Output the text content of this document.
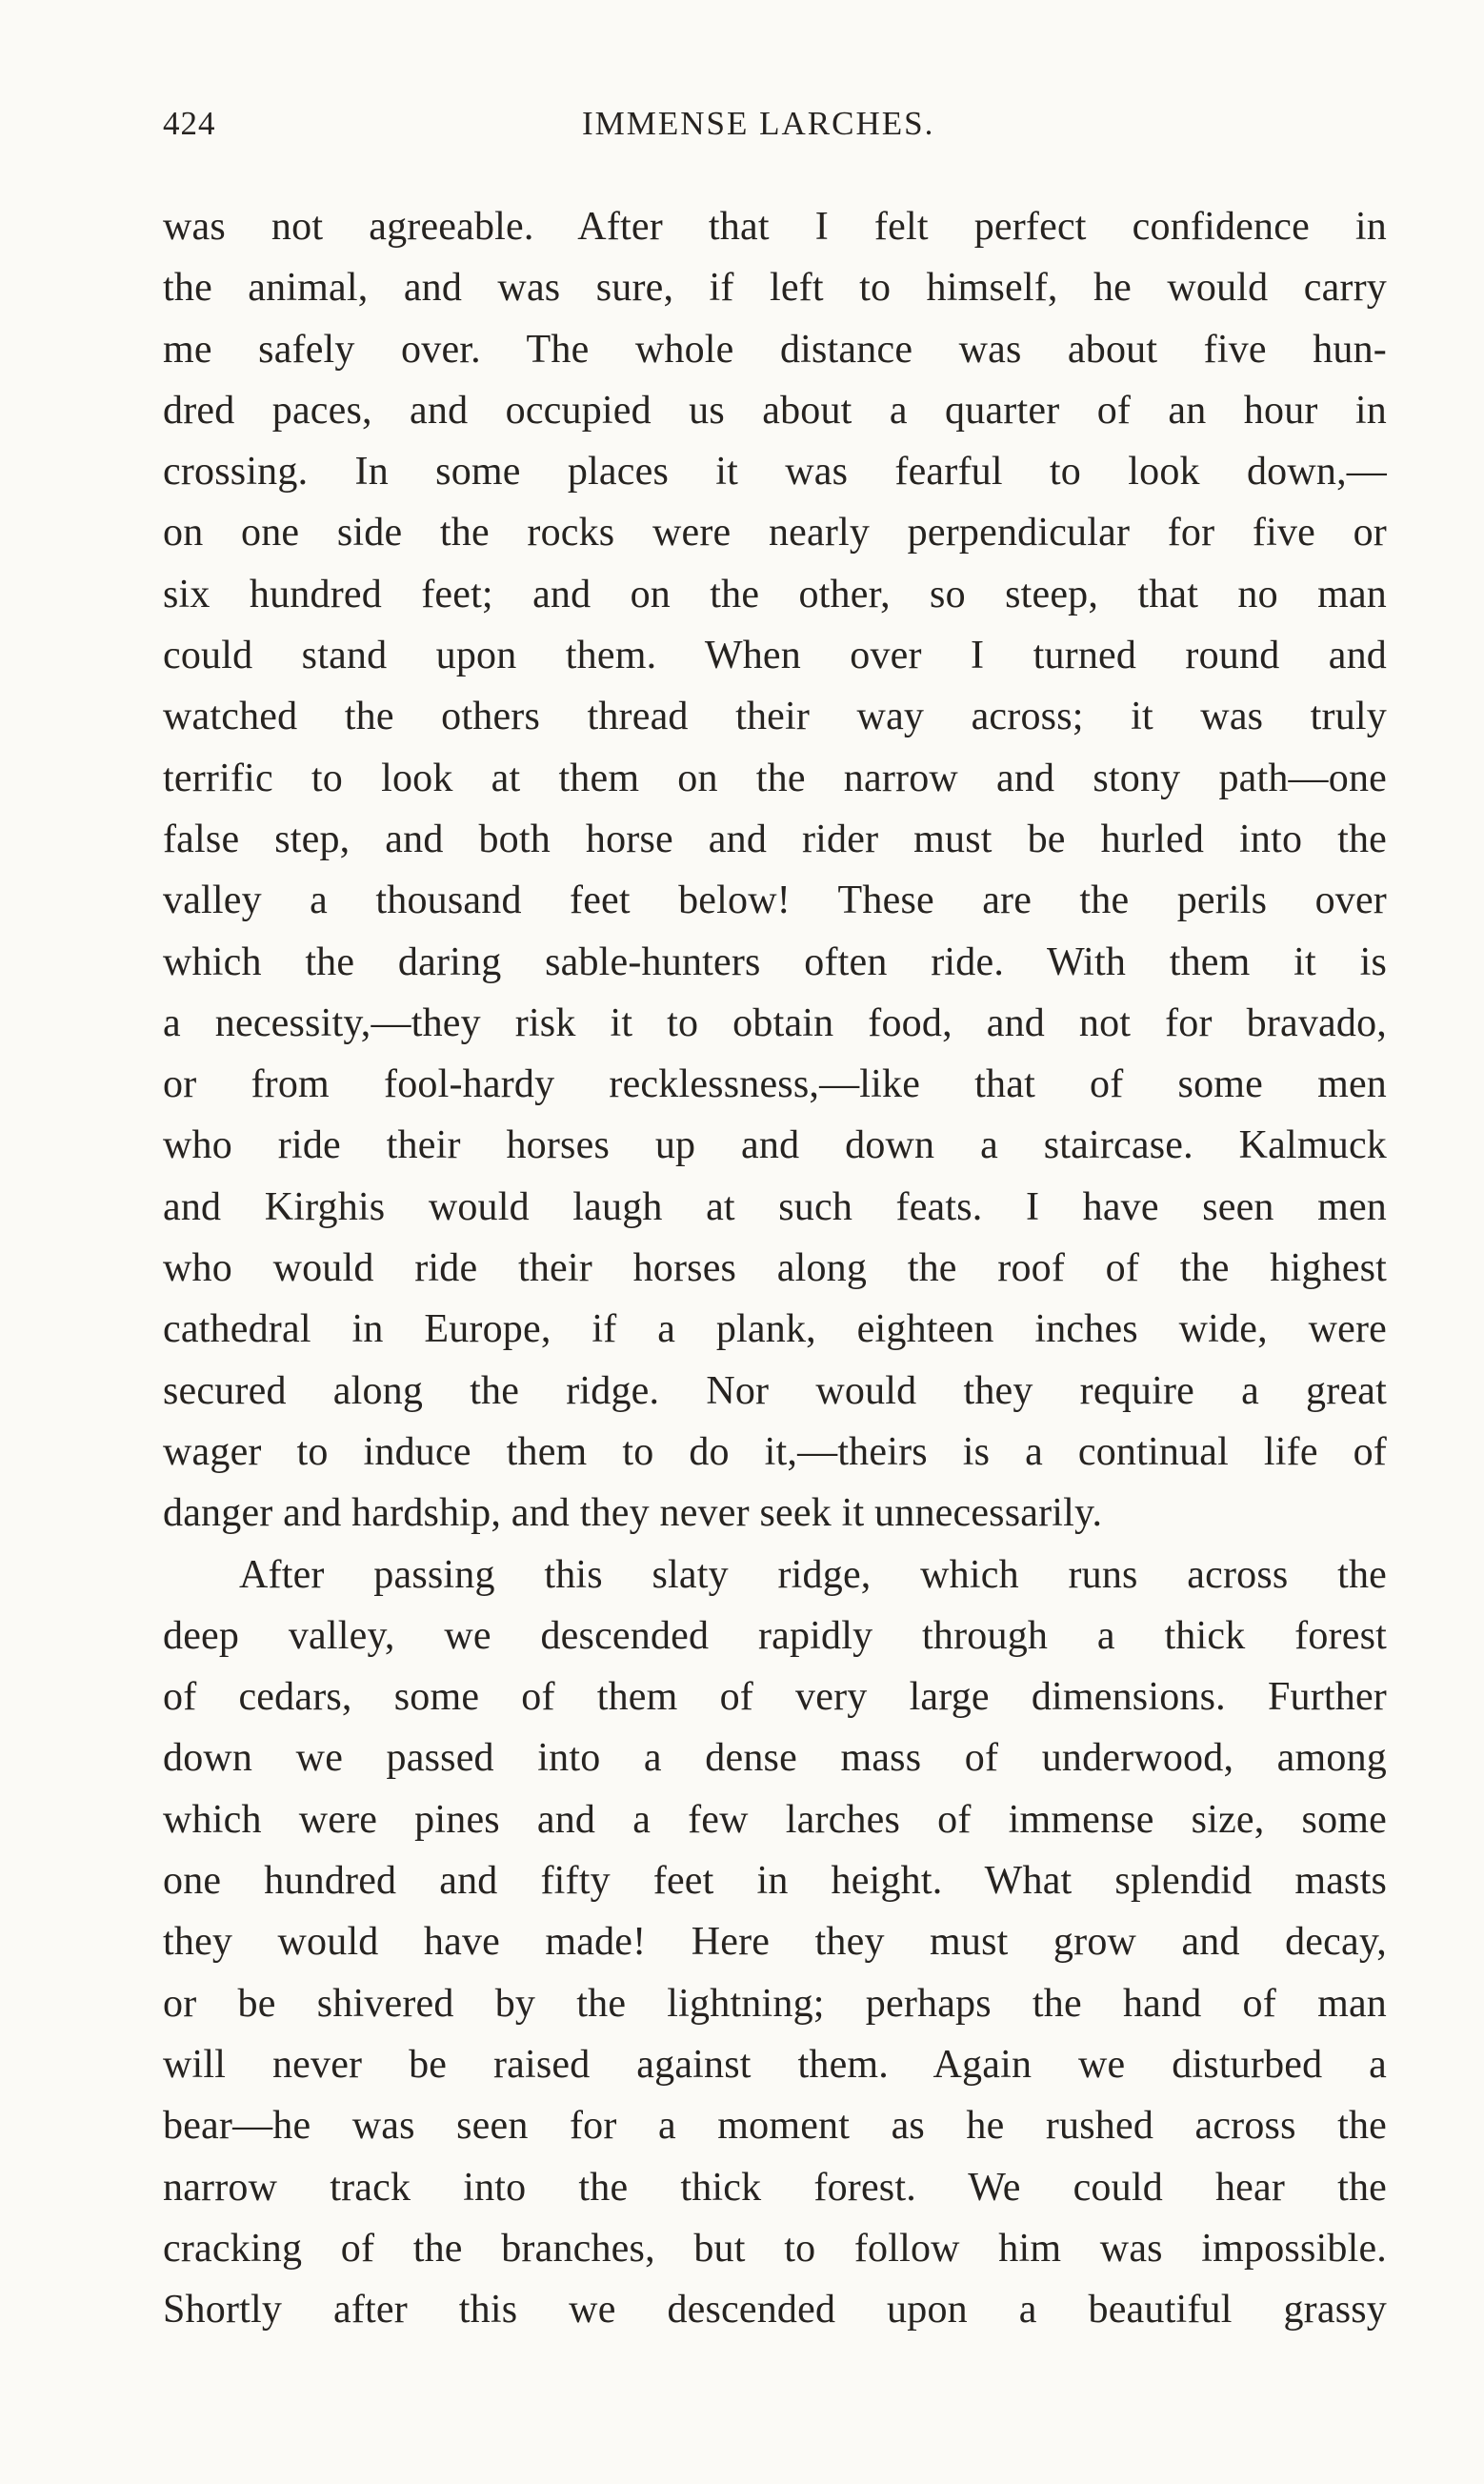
424	IMMENSE LARCHES.
was not agreeable. After that I felt perfect confidence in
the animal, and was sure, if left to himself, he would carry
me safely over. The whole distance was about five hun-
dred paces, and occupied us about a quarter of an hour in
crossing. In some places it was fearful to look down,—
on one side the rocks were nearly perpendicular for five or
six hundred feet; and on the other, so steep, that no man
could stand upon them. When over I turned round and
watched the others thread their way across; it was truly
terrific to look at them on the narrow and stony path—one
false step, and both horse and rider must be hurled into the
valley a thousand feet below! These are the perils over
which the daring sable-hunters often ride. With them it is
a necessity,—they risk it to obtain food, and not for bravado,
or from fool-hardy recklessness,—like that of some men
who ride their horses up and down a staircase. Kalmuck
and Kirghis would laugh at such feats. I have seen men
who would ride their horses along the roof of the highest
cathedral in Europe, if a plank, eighteen inches wide, were
secured along the ridge. Nor would they require a great
wager to induce them to do it,—theirs is a continual life of
danger and hardship, and they never seek it unnecessarily.
After passing this slaty ridge, which runs across the
deep valley, we descended rapidly through a thick forest
of cedars, some of them of very large dimensions. Further
down we passed into a dense mass of underwood, among
which were pines and a few larches of immense size, some
one hundred and fifty feet in height. What splendid masts
they would have made! Here they must grow and decay,
or be shivered by the lightning; perhaps the hand of man
will never be raised against them. Again we disturbed a
bear—he was seen for a moment as he rushed across the
narrow track into the thick forest. We could hear the
cracking of the branches, but to follow him was impossible.
Shortly after this we descended upon a beautiful grassy
